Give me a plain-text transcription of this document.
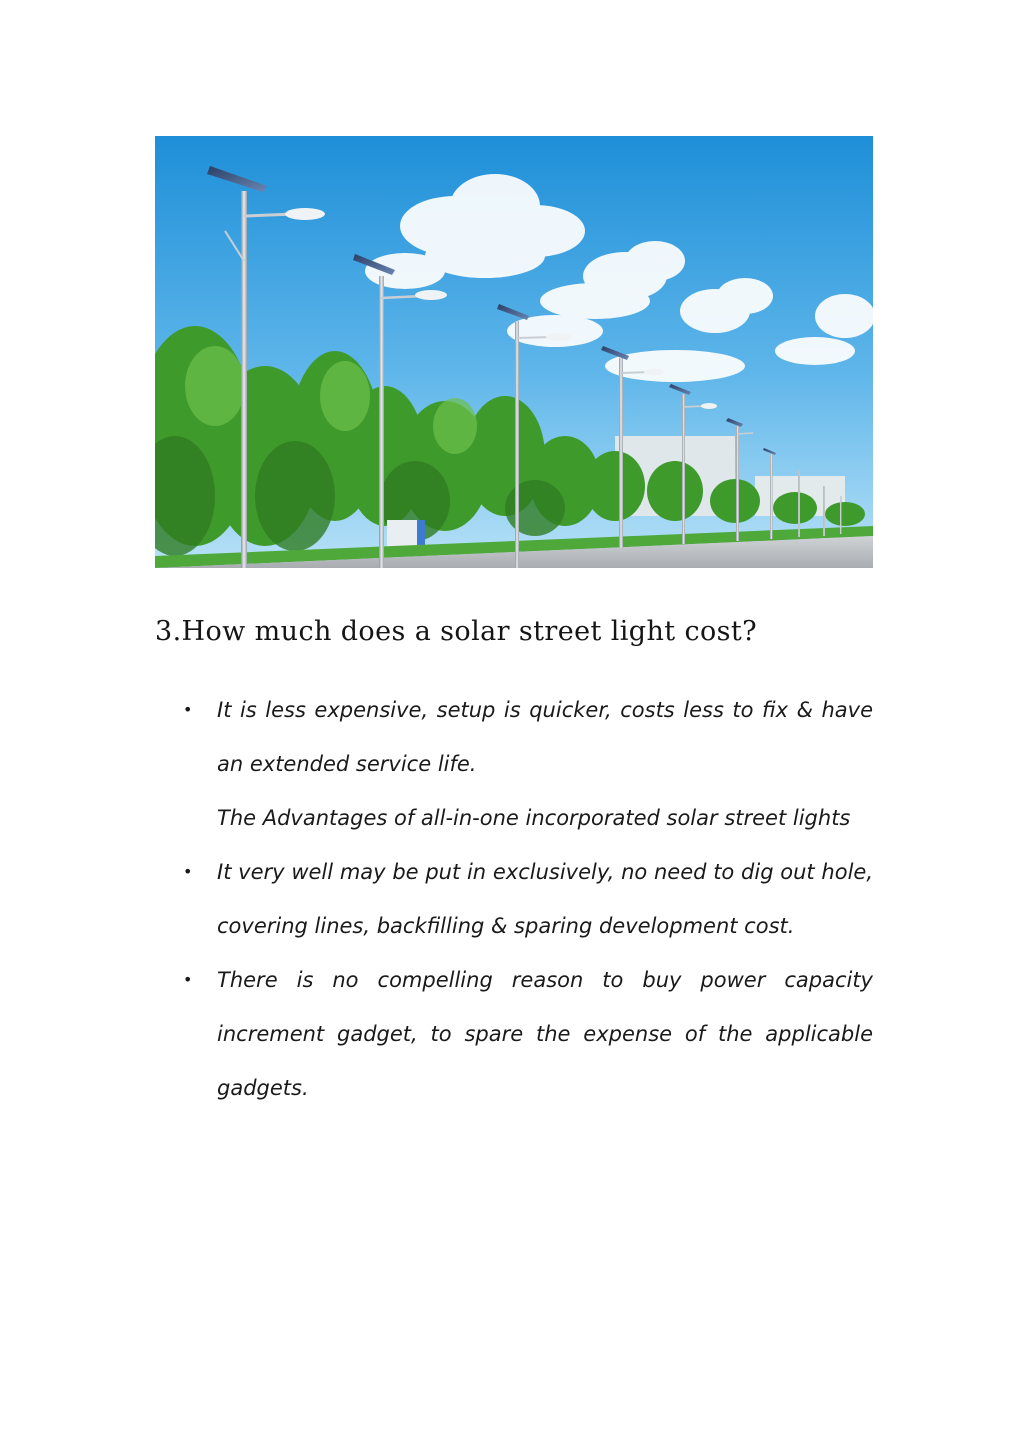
3.How much does a solar street light cost?
• It is less expensive, setup is quicker, costs less to fix & have an extended service life.
The Advantages of all-in-one incorporated solar street lights
• It very well may be put in exclusively, no need to dig out hole, covering lines, backfilling & sparing development cost.
• There is no compelling reason to buy power capacity increment gadget, to spare the expense of the applicable gadgets.
